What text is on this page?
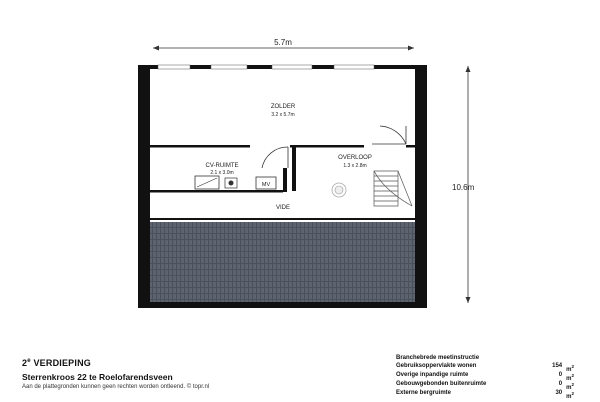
5.7m
10.6m
MV
ZOLDER
3.2 x 5.7m
CV-RUIMTE
2.1 x 3.0m
OVERLOOP
1.3 x 2.8m
VIDE
2e VERDIEPING
Sterrenkroos 22 te Roelofarendsveen
Aan de plattegronden kunnen geen rechten worden ontleend. © topr.nl
Branchebrede meetinstructie
Gebruiksoppervlakte wonen	154
$m^2$
Overige inpandige ruimte	0
$m^2$
Gebouwgebonden buitenruimte	0
$m^2$
Externe bergruimte	30
$m^2$
